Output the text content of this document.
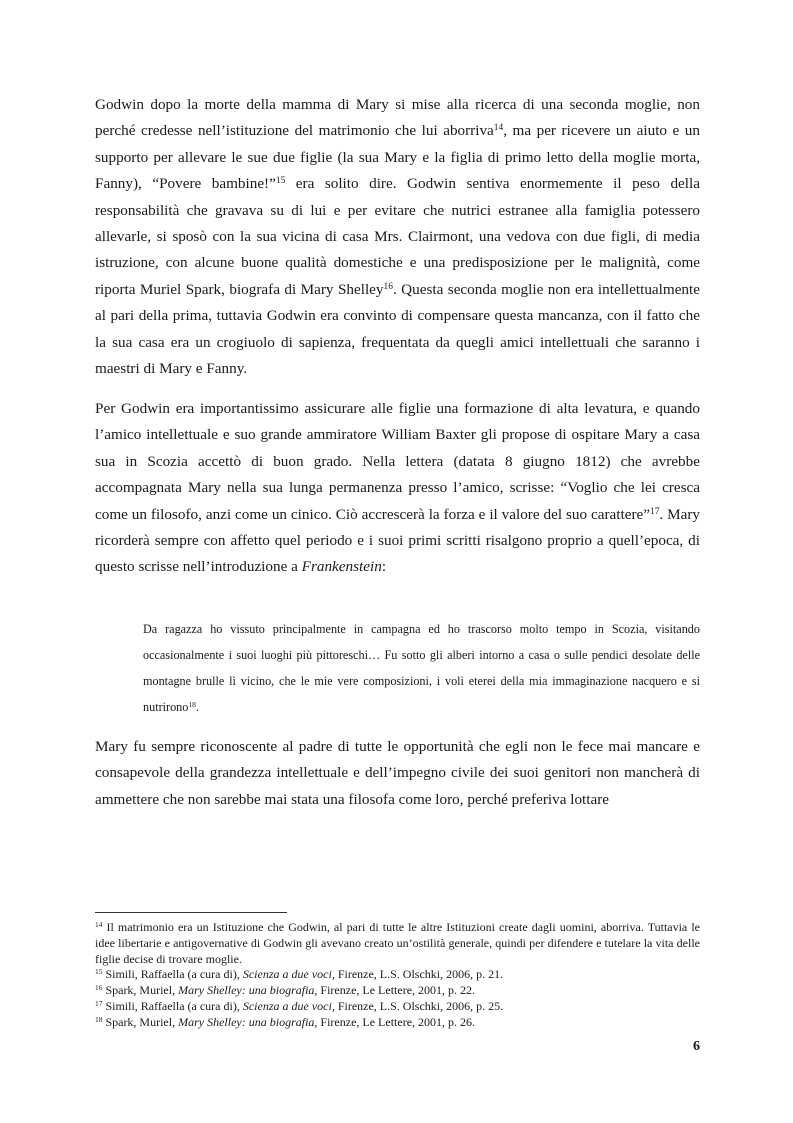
Godwin dopo la morte della mamma di Mary si mise alla ricerca di una seconda moglie, non perché credesse nell’istituzione del matrimonio che lui aborriva$^{14}$, ma per ricevere un aiuto e un supporto per allevare le sue due figlie (la sua Mary e la figlia di primo letto della moglie morta, Fanny), “Povere bambine!”$^{15}$ era solito dire. Godwin sentiva enormemente il peso della responsabilità che gravava su di lui e per evitare che nutrici estranee alla famiglia potessero allevarle, si sposò con la sua vicina di casa Mrs. Clairmont, una vedova con due figli, di media istruzione, con alcune buone qualità domestiche e una predisposizione per le malignità, come riporta Muriel Spark, biografa di Mary Shelley$^{16}$. Questa seconda moglie non era intellettualmente al pari della prima, tuttavia Godwin era convinto di compensare questa mancanza, con il fatto che la sua casa era un crogiuolo di sapienza, frequentata da quegli amici intellettuali che saranno i maestri di Mary e Fanny.

Per Godwin era importantissimo assicurare alle figlie una formazione di alta levatura, e quando l’amico intellettuale e suo grande ammiratore William Baxter gli propose di ospitare Mary a casa sua in Scozia accettò di buon grado. Nella lettera (datata 8 giugno 1812) che avrebbe accompagnata Mary nella sua lunga permanenza presso l’amico, scrisse: “Voglio che lei cresca come un filosofo, anzi come un cinico. Ciò accrescerà la forza e il valore del suo carattere”$^{17}$. Mary ricorderà sempre con affetto quel periodo e i suoi primi scritti risalgono proprio a quell’epoca, di questo scrisse nell’introduzione a Frankenstein:

Da ragazza ho vissuto principalmente in campagna ed ho trascorso molto tempo in Scozia, visitando occasionalmente i suoi luoghi più pittoreschi… Fu sotto gli alberi intorno a casa o sulle pendici desolate delle montagne brulle lì vicino, che le mie vere composizioni, i voli eterei della mia immaginazione nacquero e si nutrirono$^{18}$.

Mary fu sempre riconoscente al padre di tutte le opportunità che egli non le fece mai mancare e consapevole della grandezza intellettuale e dell’impegno civile dei suoi genitori non mancherà di ammettere che non sarebbe mai stata una filosofa come loro, perché preferiva lottare

$^{14}$ Il matrimonio era un Istituzione che Godwin, al pari di tutte le altre Istituzioni create dagli uomini, aborriva. Tuttavia le idee libertarie e antigovernative di Godwin gli avevano creato un’ostilità generale, quindi per difendere e tutelare la vita delle figlie decise di trovare moglie.

$^{15}$ Simili, Raffaella (a cura di), Scienza a due voci, Firenze, L.S. Olschki, 2006, p. 21.

$^{16}$ Spark, Muriel, Mary Shelley: una biografia, Firenze, Le Lettere, 2001, p. 22.

$^{17}$ Simili, Raffaella (a cura di), Scienza a due voci, Firenze, L.S. Olschki, 2006, p. 25.

$^{18}$ Spark, Muriel, Mary Shelley: una biografia, Firenze, Le Lettere, 2001, p. 26.

6
